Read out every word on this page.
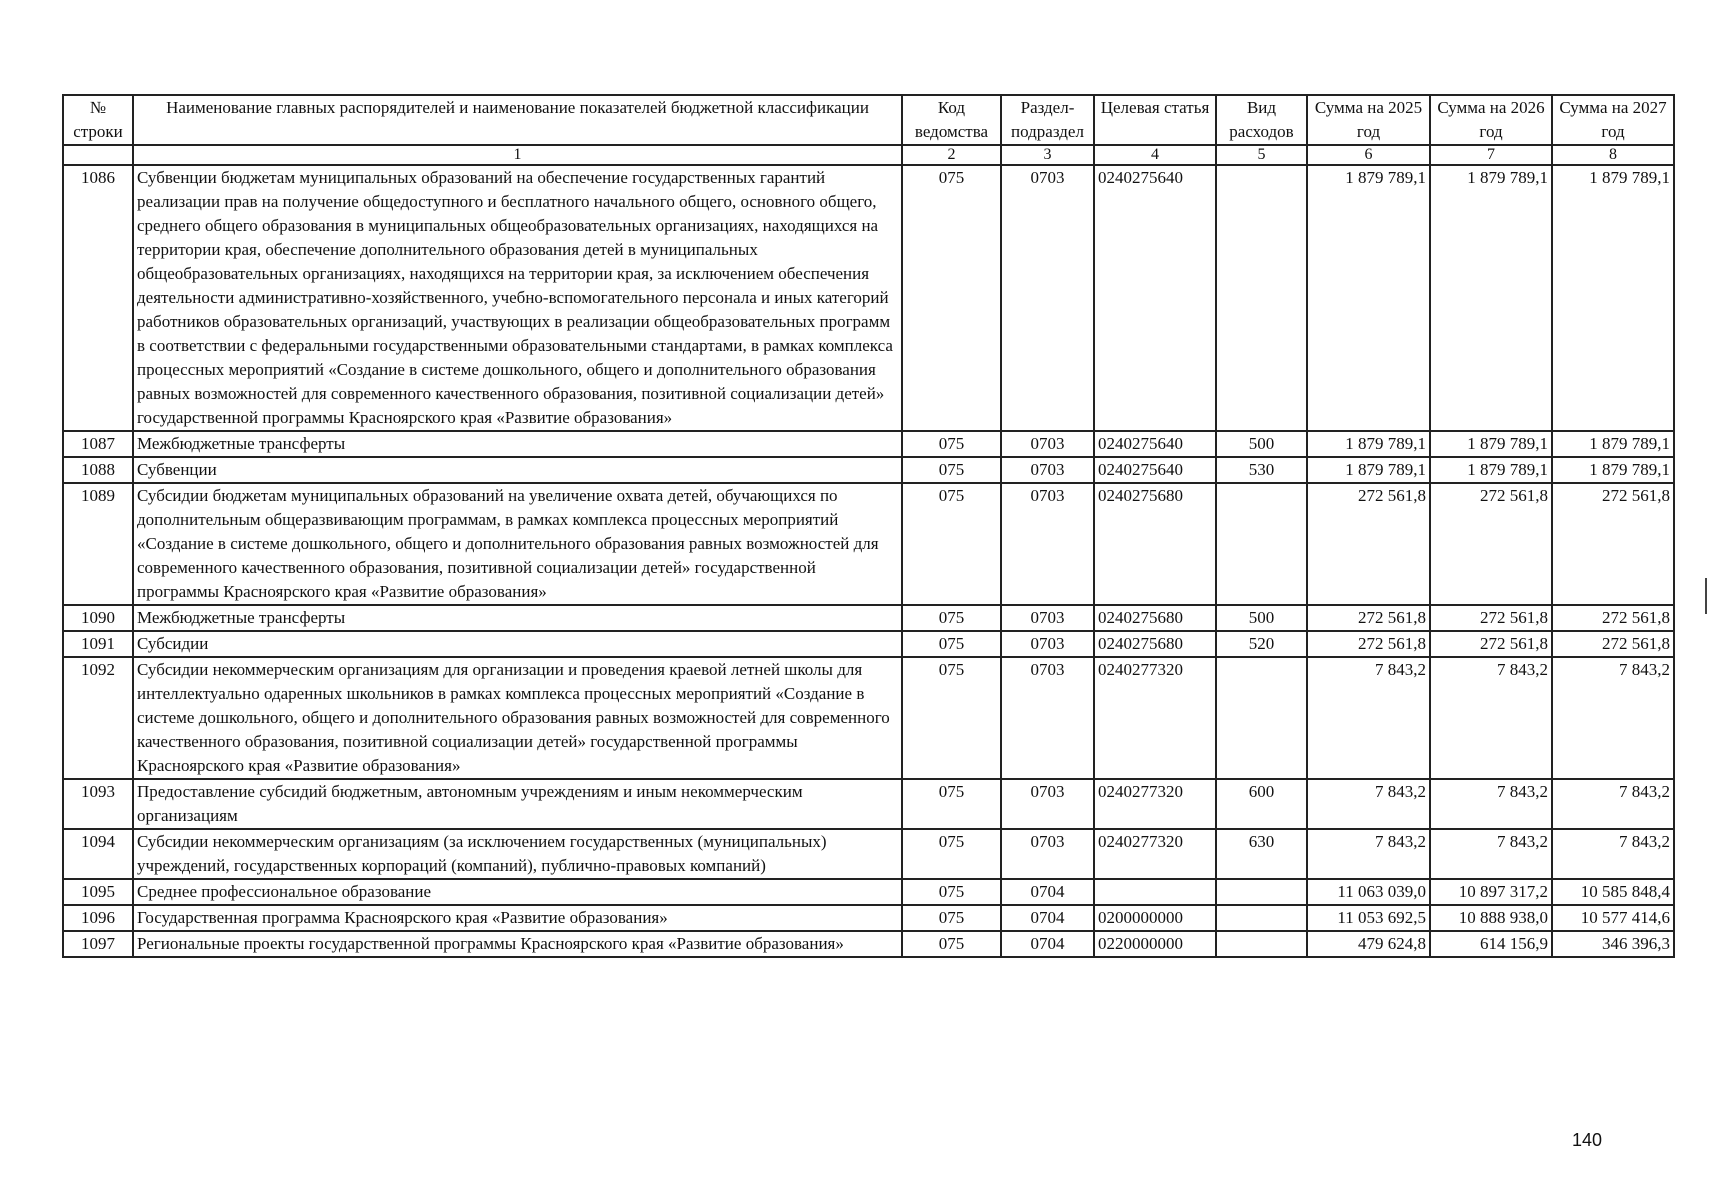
№ строки	Наименование главных распорядителей и наименование показателей бюджетной классификации	Код ведомства	Раздел-подраздел	Целевая статья	Вид расходов	Сумма на 2025 год	Сумма на 2026 год	Сумма на 2027 год
	1	2	3	4	5	6	7	8
1086	Субвенции бюджетам муниципальных образований на обеспечение государственных гарантий реализации прав на получение общедоступного и бесплатного начального общего, основного общего, среднего общего образования в муниципальных общеобразовательных организациях, находящихся на территории края, обеспечение дополнительного образования детей в муниципальных общеобразовательных организациях, находящихся на территории края, за исключением обеспечения деятельности административно-хозяйственного, учебно-вспомогательного персонала и иных категорий работников образовательных организаций, участвующих в реализации общеобразовательных программ в соответствии с федеральными государственными образовательными стандартами, в рамках комплекса процессных мероприятий «Создание в системе дошкольного, общего и дополнительного образования равных возможностей для современного качественного образования, позитивной социализации детей» государственной программы Красноярского края «Развитие образования»	075	0703	0240275640		1 879 789,1	1 879 789,1	1 879 789,1
1087	Межбюджетные трансферты	075	0703	0240275640	500	1 879 789,1	1 879 789,1	1 879 789,1
1088	Субвенции	075	0703	0240275640	530	1 879 789,1	1 879 789,1	1 879 789,1
1089	Субсидии бюджетам муниципальных образований на увеличение охвата детей, обучающихся по дополнительным общеразвивающим программам, в рамках комплекса процессных мероприятий «Создание в системе дошкольного, общего и дополнительного образования равных возможностей для современного качественного образования, позитивной социализации детей» государственной программы Красноярского края «Развитие образования»	075	0703	0240275680		272 561,8	272 561,8	272 561,8
1090	Межбюджетные трансферты	075	0703	0240275680	500	272 561,8	272 561,8	272 561,8
1091	Субсидии	075	0703	0240275680	520	272 561,8	272 561,8	272 561,8
1092	Субсидии некоммерческим организациям для организации и проведения краевой летней школы для интеллектуально одаренных школьников в рамках комплекса процессных мероприятий «Создание в системе дошкольного, общего и дополнительного образования равных возможностей для современного качественного образования, позитивной социализации детей» государственной программы Красноярского края «Развитие образования»	075	0703	0240277320		7 843,2	7 843,2	7 843,2
1093	Предоставление субсидий бюджетным, автономным учреждениям и иным некоммерческим организациям	075	0703	0240277320	600	7 843,2	7 843,2	7 843,2
1094	Субсидии некоммерческим организациям (за исключением государственных (муниципальных) учреждений, государственных корпораций (компаний), публично-правовых компаний)	075	0703	0240277320	630	7 843,2	7 843,2	7 843,2
1095	Среднее профессиональное образование	075	0704			11 063 039,0	10 897 317,2	10 585 848,4
1096	Государственная программа Красноярского края «Развитие образования»	075	0704	0200000000		11 053 692,5	10 888 938,0	10 577 414,6
1097	Региональные проекты государственной программы Красноярского края «Развитие образования»	075	0704	0220000000		479 624,8	614 156,9	346 396,3
140
